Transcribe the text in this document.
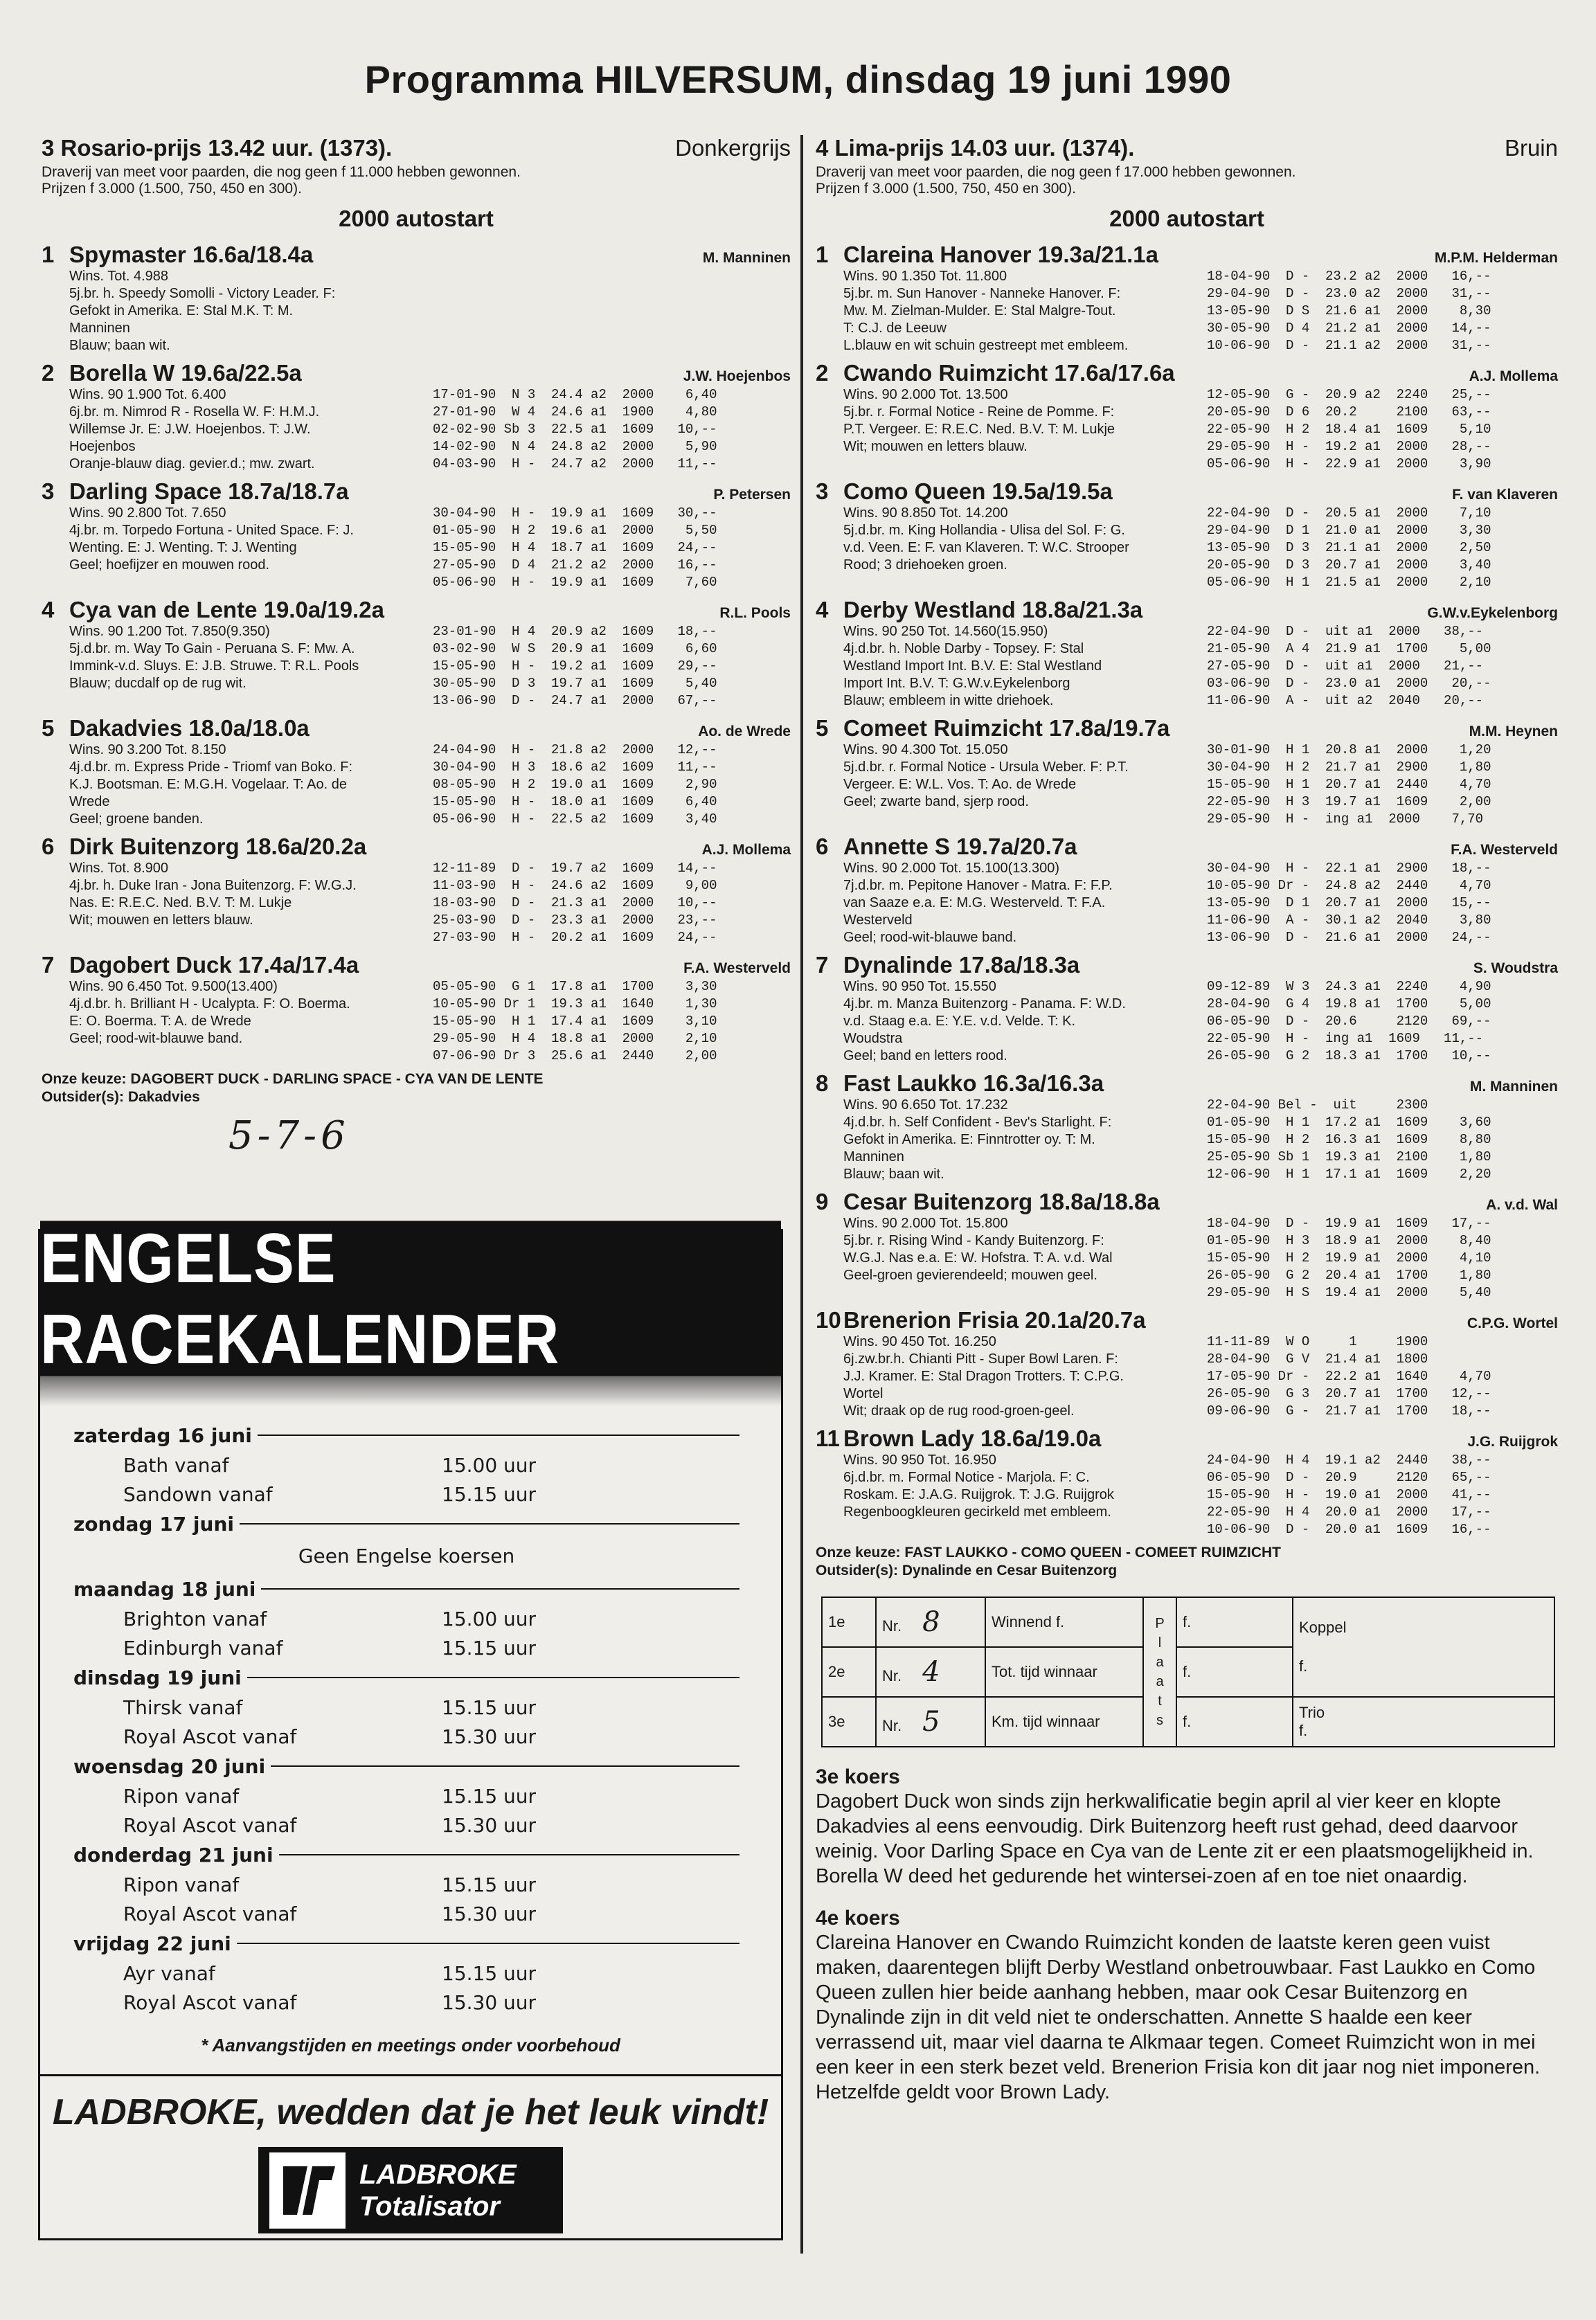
Programma HILVERSUM, dinsdag 19 juni 1990
3 Rosario-prijs 13.42 uur. (1373).	Donkergrijs
Draverij van meet voor paarden, die nog geen f 11.000 hebben gewonnen.
Prijzen f 3.000 (1.500, 750, 450 en 300).
2000 autostart
1 Spymaster 16.6a/18.4a	M. Manninen
Wins. Tot. 4.988
5j.br. h. Speedy Somolli - Victory Leader. F:
Gefokt in Amerika. E: Stal M.K. T: M.
Manninen
Blauw; baan wit.
2 Borella W 19.6a/22.5a	J.W. Hoejenbos
Wins. 90 1.900 Tot. 6.400
6j.br. m. Nimrod R - Rosella W. F: H.M.J.
Willemse Jr. E: J.W. Hoejenbos. T: J.W.
Hoejenbos
Oranje-blauw diag. gevier.d.; mw. zwart.
17-01-90  N 3  24.4 a2  2000    6,40
27-01-90  W 4  24.6 a1  1900    4,80
02-02-90 Sb 3  22.5 a1  1609   10,--
14-02-90  N 4  24.8 a2  2000    5,90
04-03-90  H -  24.7 a2  2000   11,--
3 Darling Space 18.7a/18.7a	P. Petersen
Wins. 90 2.800 Tot. 7.650
4j.br. m. Torpedo Fortuna - United Space. F: J.
Wenting. E: J. Wenting. T: J. Wenting
Geel; hoefijzer en mouwen rood.
30-04-90  H -  19.9 a1  1609   30,--
01-05-90  H 2  19.6 a1  2000    5,50
15-05-90  H 4  18.7 a1  1609   24,--
27-05-90  D 4  21.2 a2  2000   16,--
05-06-90  H -  19.9 a1  1609    7,60
4 Cya van de Lente 19.0a/19.2a	R.L. Pools
Wins. 90 1.200 Tot. 7.850(9.350)
5j.d.br. m. Way To Gain - Peruana S. F: Mw. A.
Immink-v.d. Sluys. E: J.B. Struwe. T: R.L. Pools
Blauw; ducdalf op de rug wit.
23-01-90  H 4  20.9 a2  1609   18,--
03-02-90  W S  20.9 a1  1609    6,60
15-05-90  H -  19.2 a1  1609   29,--
30-05-90  D 3  19.7 a1  1609    5,40
13-06-90  D -  24.7 a1  2000   67,--
5 Dakadvies 18.0a/18.0a	Ao. de Wrede
Wins. 90 3.200 Tot. 8.150
4j.d.br. m. Express Pride - Triomf van Boko. F:
K.J. Bootsman. E: M.G.H. Vogelaar. T: Ao. de
Wrede
Geel; groene banden.
24-04-90  H -  21.8 a2  2000   12,--
30-04-90  H 3  18.6 a2  1609   11,--
08-05-90  H 2  19.0 a1  1609    2,90
15-05-90  H -  18.0 a1  1609    6,40
05-06-90  H -  22.5 a2  1609    3,40
6 Dirk Buitenzorg 18.6a/20.2a	A.J. Mollema
Wins. Tot. 8.900
4j.br. h. Duke Iran - Jona Buitenzorg. F: W.G.J.
Nas. E: R.E.C. Ned. B.V. T: M. Lukje
Wit; mouwen en letters blauw.
12-11-89  D -  19.7 a2  1609   14,--
11-03-90  H -  24.6 a2  1609    9,00
18-03-90  D -  21.3 a1  2000   10,--
25-03-90  D -  23.3 a1  2000   23,--
27-03-90  H -  20.2 a1  1609   24,--
7 Dagobert Duck 17.4a/17.4a	F.A. Westerveld
Wins. 90 6.450 Tot. 9.500(13.400)
4j.d.br. h. Brilliant H - Ucalypta. F: O. Boerma.
E: O. Boerma. T: A. de Wrede
Geel; rood-wit-blauwe band.
05-05-90  G 1  17.8 a1  1700    3,30
10-05-90 Dr 1  19.3 a1  1640    1,30
15-05-90  H 1  17.4 a1  1609    3,10
29-05-90  H 4  18.8 a1  2000    2,10
07-06-90 Dr 3  25.6 a1  2440    2,00
Onze keuze: DAGOBERT DUCK - DARLING SPACE - CYA VAN DE LENTE
Outsider(s): Dakadvies
5-7-6
4 Lima-prijs 14.03 uur. (1374).	Bruin
Draverij van meet voor paarden, die nog geen f 17.000 hebben gewonnen.
Prijzen f 3.000 (1.500, 750, 450 en 300).
2000 autostart
1 Clareina Hanover 19.3a/21.1a	M.P.M. Helderman
Wins. 90 1.350 Tot. 11.800
5j.br. m. Sun Hanover - Nanneke Hanover. F:
Mw. M. Zielman-Mulder. E: Stal Malgre-Tout.
T: C.J. de Leeuw
L.blauw en wit schuin gestreept met embleem.
18-04-90  D -  23.2 a2  2000   16,--
29-04-90  D -  23.0 a2  2000   31,--
13-05-90  D S  21.6 a1  2000    8,30
30-05-90  D 4  21.2 a1  2000   14,--
10-06-90  D -  21.1 a2  2000   31,--
2 Cwando Ruimzicht 17.6a/17.6a	A.J. Mollema
Wins. 90 2.000 Tot. 13.500
5j.br. r. Formal Notice - Reine de Pomme. F:
P.T. Vergeer. E: R.E.C. Ned. B.V. T: M. Lukje
Wit; mouwen en letters blauw.
12-05-90  G -  20.9 a2  2240   25,--
20-05-90  D 6  20.2     2100   63,--
22-05-90  H 2  18.4 a1  1609    5,10
29-05-90  H -  19.2 a1  2000   28,--
05-06-90  H -  22.9 a1  2000    3,90
3 Como Queen 19.5a/19.5a	F. van Klaveren
Wins. 90 8.850 Tot. 14.200
5j.d.br. m. King Hollandia - Ulisa del Sol. F: G.
v.d. Veen. E: F. van Klaveren. T: W.C. Strooper
Rood; 3 driehoeken groen.
22-04-90  D -  20.5 a1  2000    7,10
29-04-90  D 1  21.0 a1  2000    3,30
13-05-90  D 3  21.1 a1  2000    2,50
20-05-90  D 3  20.7 a1  2000    3,40
05-06-90  H 1  21.5 a1  2000    2,10
4 Derby Westland 18.8a/21.3a	G.W.v.Eykelenborg
Wins. 90 250 Tot. 14.560(15.950)
4j.d.br. h. Noble Darby - Topsey. F: Stal
Westland Import Int. B.V. E: Stal Westland
Import Int. B.V. T: G.W.v.Eykelenborg
Blauw; embleem in witte driehoek.
22-04-90  D -  uit a1  2000   38,--
21-05-90  A 4  21.9 a1  1700    5,00
27-05-90  D -  uit a1  2000   21,--
03-06-90  D -  23.0 a1  2000   20,--
11-06-90  A -  uit a2  2040   20,--
5 Comeet Ruimzicht 17.8a/19.7a	M.M. Heynen
Wins. 90 4.300 Tot. 15.050
5j.d.br. r. Formal Notice - Ursula Weber. F: P.T.
Vergeer. E: W.L. Vos. T: Ao. de Wrede
Geel; zwarte band, sjerp rood.
30-01-90  H 1  20.8 a1  2000    1,20
30-04-90  H 2  21.7 a1  2900    1,80
15-05-90  H 1  20.7 a1  2440    4,70
22-05-90  H 3  19.7 a1  1609    2,00
29-05-90  H -  ing a1  2000    7,70
6 Annette S 19.7a/20.7a	F.A. Westerveld
Wins. 90 2.000 Tot. 15.100(13.300)
7j.d.br. m. Pepitone Hanover - Matra. F: F.P.
van Saaze e.a. E: M.G. Westerveld. T: F.A.
Westerveld
Geel; rood-wit-blauwe band.
30-04-90  H -  22.1 a1  2900   18,--
10-05-90 Dr -  24.8 a2  2440    4,70
13-05-90  D 1  20.7 a1  2000   15,--
11-06-90  A -  30.1 a2  2040    3,80
13-06-90  D -  21.6 a1  2000   24,--
7 Dynalinde 17.8a/18.3a	S. Woudstra
Wins. 90 950 Tot. 15.550
4j.br. m. Manza Buitenzorg - Panama. F: W.D.
v.d. Staag e.a. E: Y.E. v.d. Velde. T: K.
Woudstra
Geel; band en letters rood.
09-12-89  W 3  24.3 a1  2240    4,90
28-04-90  G 4  19.8 a1  1700    5,00
06-05-90  D -  20.6     2120   69,--
22-05-90  H -  ing a1  1609   11,--
26-05-90  G 2  18.3 a1  1700   10,--
8 Fast Laukko 16.3a/16.3a	M. Manninen
Wins. 90 6.650 Tot. 17.232
4j.d.br. h. Self Confident - Bev's Starlight. F:
Gefokt in Amerika. E: Finntrotter oy. T: M.
Manninen
Blauw; baan wit.
22-04-90 Bel -  uit     2300
01-05-90  H 1  17.2 a1  1609    3,60
15-05-90  H 2  16.3 a1  1609    8,80
25-05-90 Sb 1  19.3 a1  2100    1,80
12-06-90  H 1  17.1 a1  1609    2,20
9 Cesar Buitenzorg 18.8a/18.8a	A. v.d. Wal
Wins. 90 2.000 Tot. 15.800
5j.br. r. Rising Wind - Kandy Buitenzorg. F:
W.G.J. Nas e.a. E: W. Hofstra. T: A. v.d. Wal
Geel-groen gevierendeeld; mouwen geel.
18-04-90  D -  19.9 a1  1609   17,--
01-05-90  H 3  18.9 a1  2000    8,40
15-05-90  H 2  19.9 a1  2000    4,10
26-05-90  G 2  20.4 a1  1700    1,80
29-05-90  H S  19.4 a1  2000    5,40
10Brenerion Frisia 20.1a/20.7a	C.P.G. Wortel
Wins. 90 450 Tot. 16.250
6j.zw.br.h. Chianti Pitt - Super Bowl Laren. F:
J.J. Kramer. E: Stal Dragon Trotters. T: C.P.G.
Wortel
Wit; draak op de rug rood-groen-geel.
11-11-89  W O     1     1900
28-04-90  G V  21.4 a1  1800
17-05-90 Dr -  22.2 a1  1640    4,70
26-05-90  G 3  20.7 a1  1700   12,--
09-06-90  G -  21.7 a1  1700   18,--
11 Brown Lady 18.6a/19.0a	J.G. Ruijgrok
Wins. 90 950 Tot. 16.950
6j.d.br. m. Formal Notice - Marjola. F: C.
Roskam. E: J.A.G. Ruijgrok. T: J.G. Ruijgrok
Regenboogkleuren gecirkeld met embleem.
24-04-90  H 4  19.1 a2  2440   38,--
06-05-90  D -  20.9     2120   65,--
15-05-90  H -  19.0 a1  2000   41,--
22-05-90  H 4  20.0 a1  2000   17,--
10-06-90  D -  20.0 a1  1609   16,--
Onze keuze: FAST LAUKKO - COMO QUEEN - COMEET RUIMZICHT
Outsider(s): Dynalinde en Cesar Buitenzorg
1e	Nr. 8	Winnend f.	P l a a t s	f.	Koppel
f.

2e	Nr. 4	Tot. tijd winnaar		f.	
3e	Nr. 5	Km. tijd winnaar		f.	Trio
f.
3e koers
Dagobert Duck won sinds zijn herkwalificatie begin april al vier keer en klopte Dakadvies al eens eenvoudig. Dirk Buitenzorg heeft rust gehad, deed daarvoor weinig. Voor Darling Space en Cya van de Lente zit er een plaatsmogelijkheid in. Borella W deed het gedurende het wintersei-zoen af en toe niet onaardig.
4e koers
Clareina Hanover en Cwando Ruimzicht konden de laatste keren geen vuist maken, daarentegen blijft Derby Westland onbetrouwbaar. Fast Laukko en Como Queen zullen hier beide aanhang hebben, maar ook Cesar Buitenzorg en Dynalinde zijn in dit veld niet te onderschatten. Annette S haalde een keer verrassend uit, maar viel daarna te Alkmaar tegen. Comeet Ruimzicht won in mei een keer in een sterk bezet veld. Brenerion Frisia kon dit jaar nog niet imponeren. Hetzelfde geldt voor Brown Lady.
ENGELSE RACEKALENDER
zaterdag 16 juni
Bath vanaf	15.00 uur
Sandown vanaf	15.15 uur
zondag 17 juni
Geen Engelse koersen
maandag 18 juni
Brighton vanaf	15.00 uur
Edinburgh vanaf	15.15 uur
dinsdag 19 juni
Thirsk vanaf	15.15 uur
Royal Ascot vanaf	15.30 uur
woensdag 20 juni
Ripon vanaf	15.15 uur
Royal Ascot vanaf	15.30 uur
donderdag 21 juni
Ripon vanaf	15.15 uur
Royal Ascot vanaf	15.30 uur
vrijdag 22 juni
Ayr vanaf	15.15 uur
Royal Ascot vanaf	15.30 uur
* Aanvangstijden en meetings onder voorbehoud
LADBROKE, wedden dat je het leuk vindt!
LADBROKE
Totalisator
